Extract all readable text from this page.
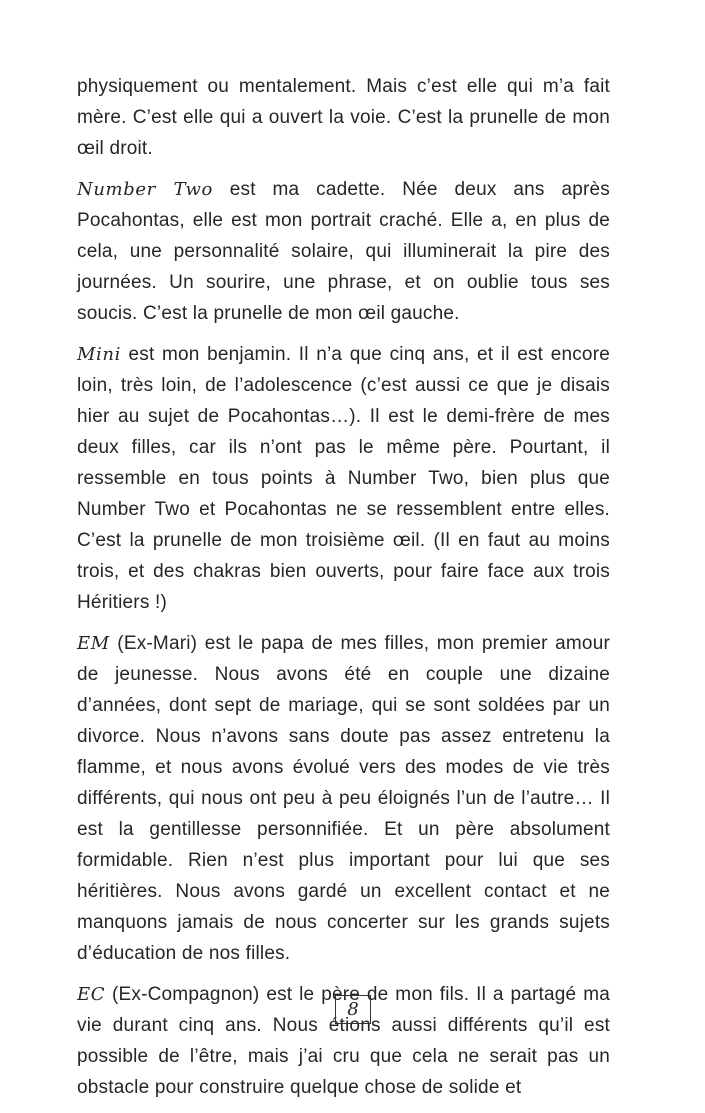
physiquement ou mentalement. Mais c’est elle qui m’a fait mère. C’est elle qui a ouvert la voie. C’est la prunelle de mon œil droit.

Number Two est ma cadette. Née deux ans après Pocahontas, elle est mon portrait craché. Elle a, en plus de cela, une personnalité solaire, qui illuminerait la pire des journées. Un sourire, une phrase, et on oublie tous ses soucis. C’est la prunelle de mon œil gauche.

Mini est mon benjamin. Il n’a que cinq ans, et il est encore loin, très loin, de l’adolescence (c’est aussi ce que je disais hier au sujet de Pocahontas…). Il est le demi-frère de mes deux filles, car ils n’ont pas le même père. Pourtant, il ressemble en tous points à Number Two, bien plus que Number Two et Pocahontas ne se ressemblent entre elles. C’est la prunelle de mon troisième œil. (Il en faut au moins trois, et des chakras bien ouverts, pour faire face aux trois Héritiers !)

EM (Ex-Mari) est le papa de mes filles, mon premier amour de jeunesse. Nous avons été en couple une dizaine d’années, dont sept de mariage, qui se sont soldées par un divorce. Nous n’avons sans doute pas assez entretenu la flamme, et nous avons évolué vers des modes de vie très différents, qui nous ont peu à peu éloignés l’un de l’autre… Il est la gentillesse personnifiée. Et un père absolument formidable. Rien n’est plus important pour lui que ses héritières. Nous avons gardé un excellent contact et ne manquons jamais de nous concerter sur les grands sujets d’éducation de nos filles.

EC (Ex-Compagnon) est le père de mon fils. Il a partagé ma vie durant cinq ans. Nous étions aussi différents qu’il est possible de l’être, mais j’ai cru que cela ne serait pas un obstacle pour construire quelque chose de solide et

8
